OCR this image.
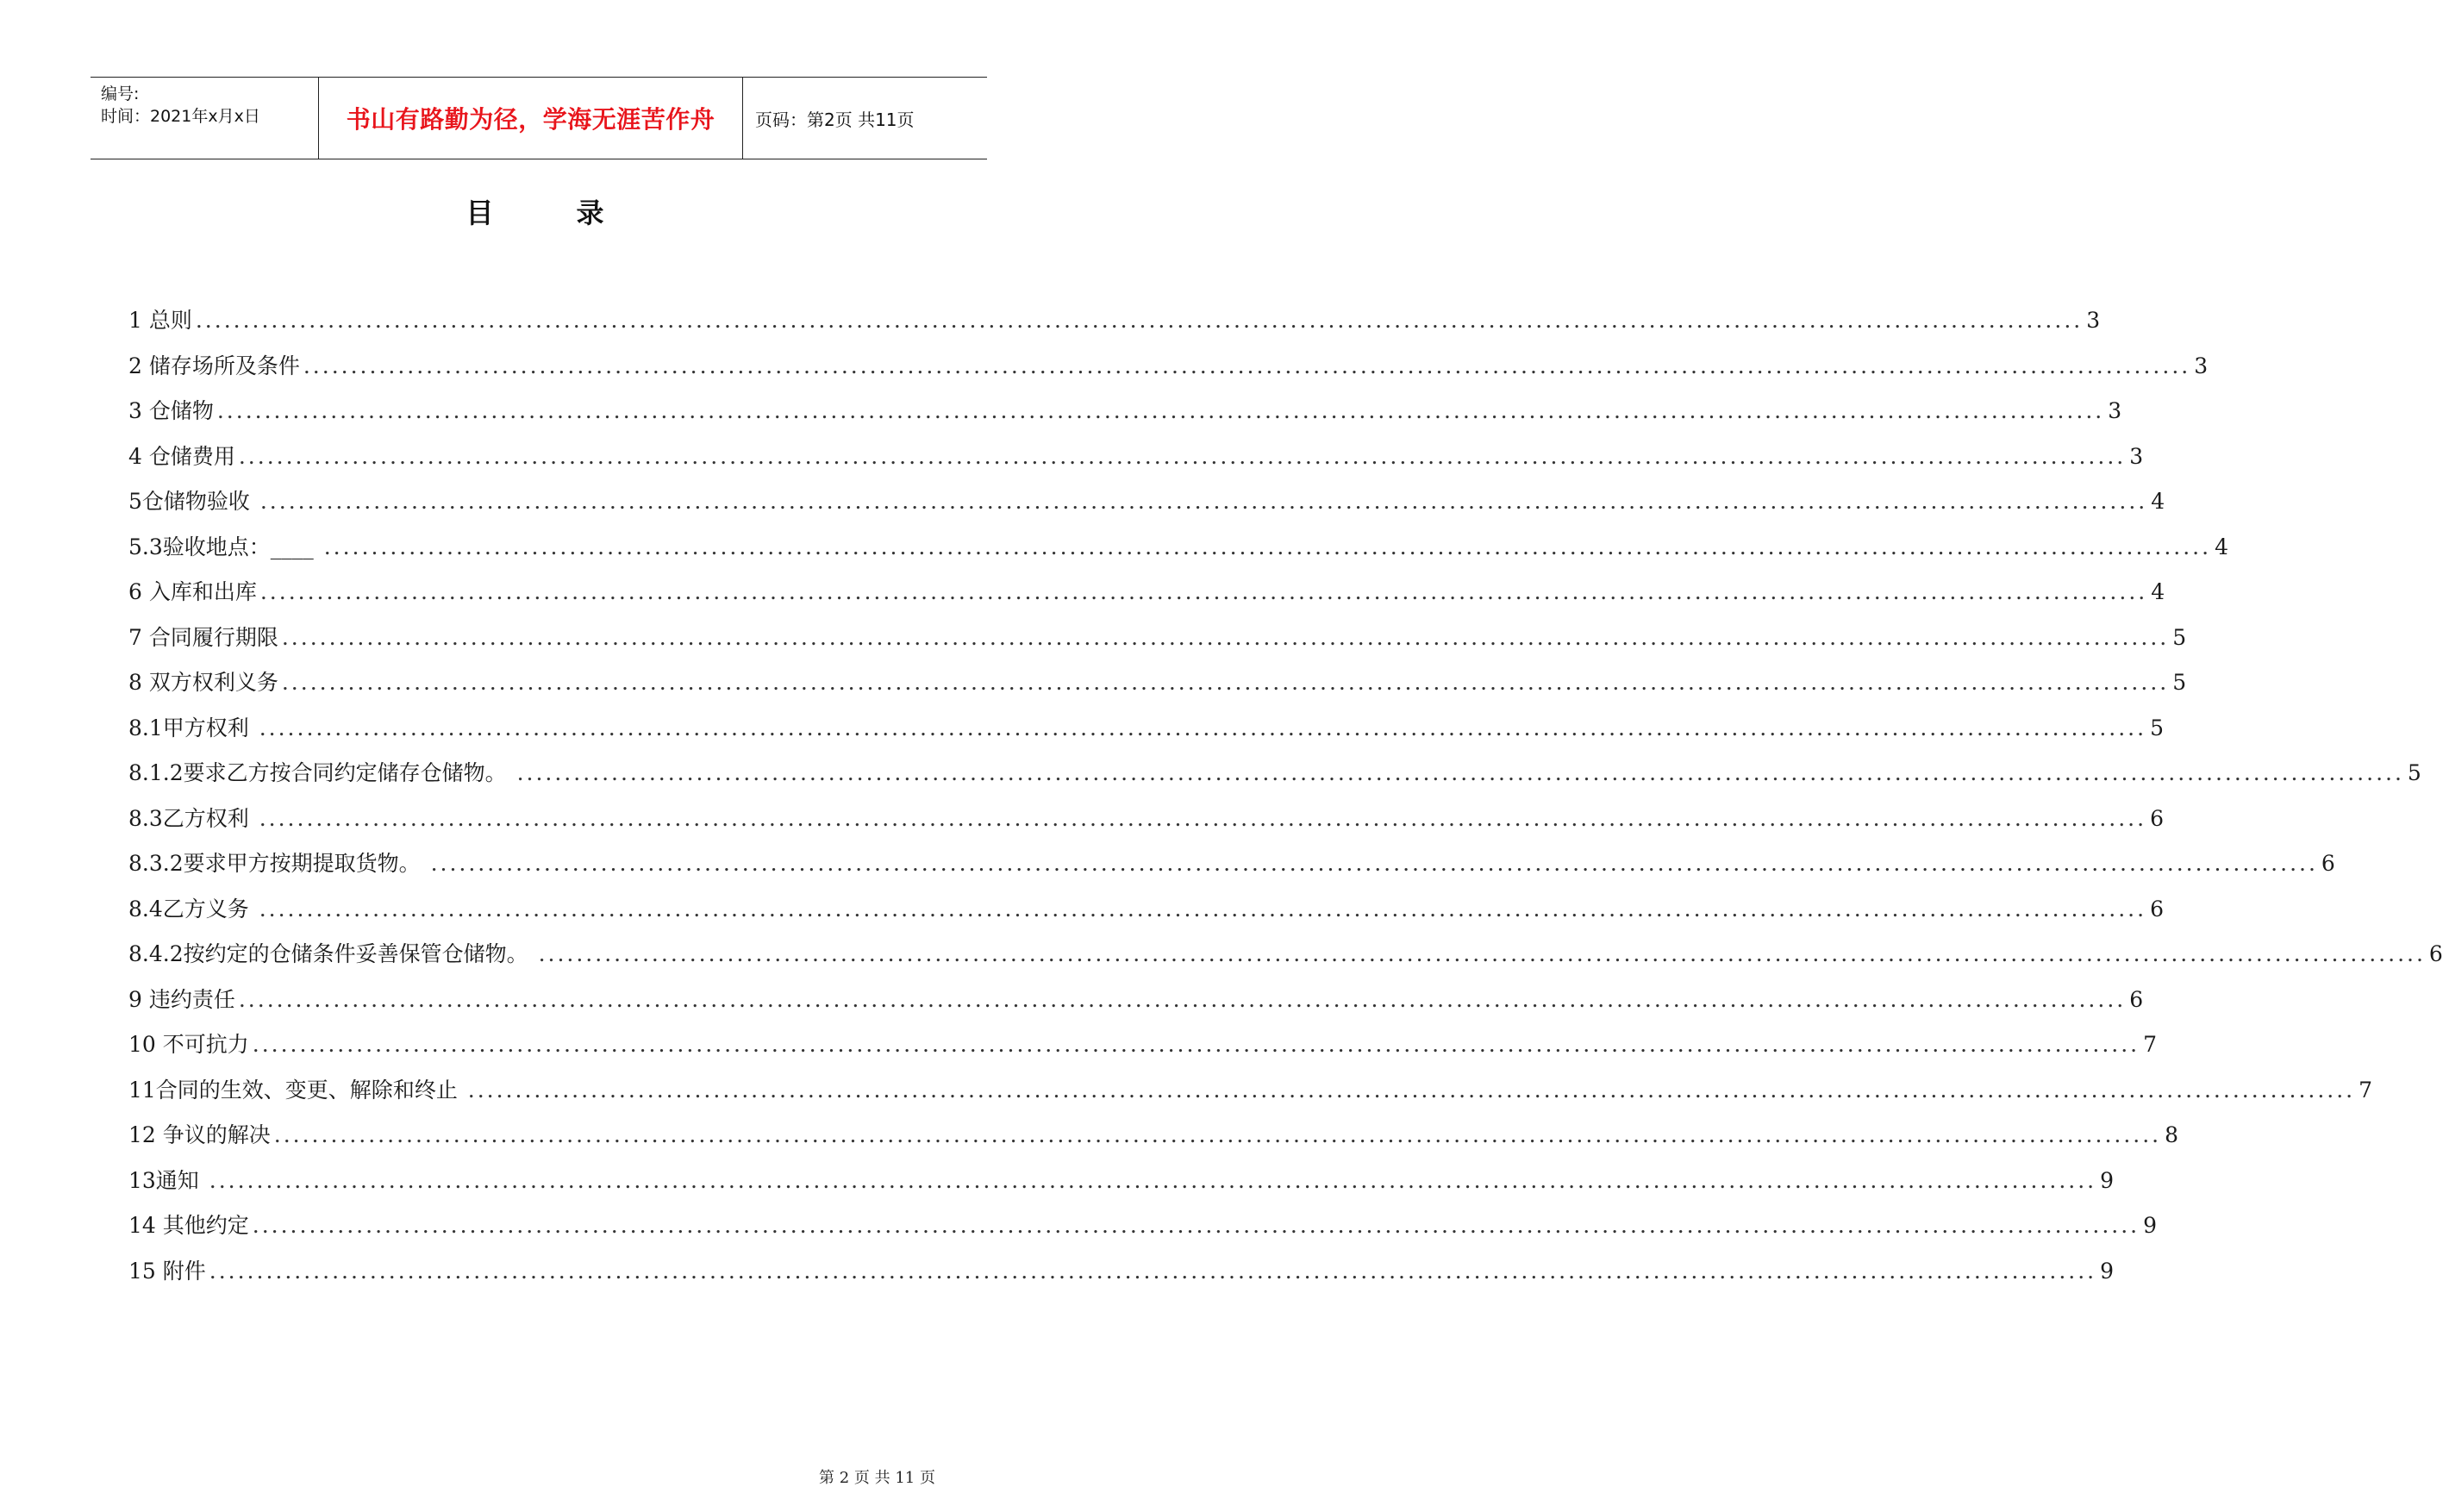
编号:
时间：2021年x月x日	书山有路勤为径，学海无涯苦作舟 页码：第2页 共11页
目	录
1 总则 ........................................................................................................................................................................................................ 3
2 储存场所及条件 ........................................................................................................................................................................................................ 3
3 仓储物 ........................................................................................................................................................................................................ 3
4 仓储费用 ........................................................................................................................................................................................................ 3
5仓储物验收 ........................................................................................................................................................................................................ 4
5.3验收地点：____ ........................................................................................................................................................................................................ 4
6 入库和出库 ........................................................................................................................................................................................................ 4
7 合同履行期限 ........................................................................................................................................................................................................ 5
8 双方权利义务 ........................................................................................................................................................................................................ 5
8.1甲方权利 ........................................................................................................................................................................................................ 5
8.1.2要求乙方按合同约定储存仓储物。 ........................................................................................................................................................................................................ 5
8.3乙方权利 ........................................................................................................................................................................................................ 6
8.3.2要求甲方按期提取货物。 ........................................................................................................................................................................................................ 6
8.4乙方义务 ........................................................................................................................................................................................................ 6
8.4.2按约定的仓储条件妥善保管仓储物。 ........................................................................................................................................................................................................ 6
9 违约责任 ........................................................................................................................................................................................................ 6
10 不可抗力 ........................................................................................................................................................................................................ 7
11合同的生效、变更、解除和终止 ........................................................................................................................................................................................................ 7
12 争议的解决 ........................................................................................................................................................................................................ 8
13通知 ........................................................................................................................................................................................................ 9
14 其他约定 ........................................................................................................................................................................................................ 9
15 附件 ........................................................................................................................................................................................................ 9
第 2 页 共 11 页
